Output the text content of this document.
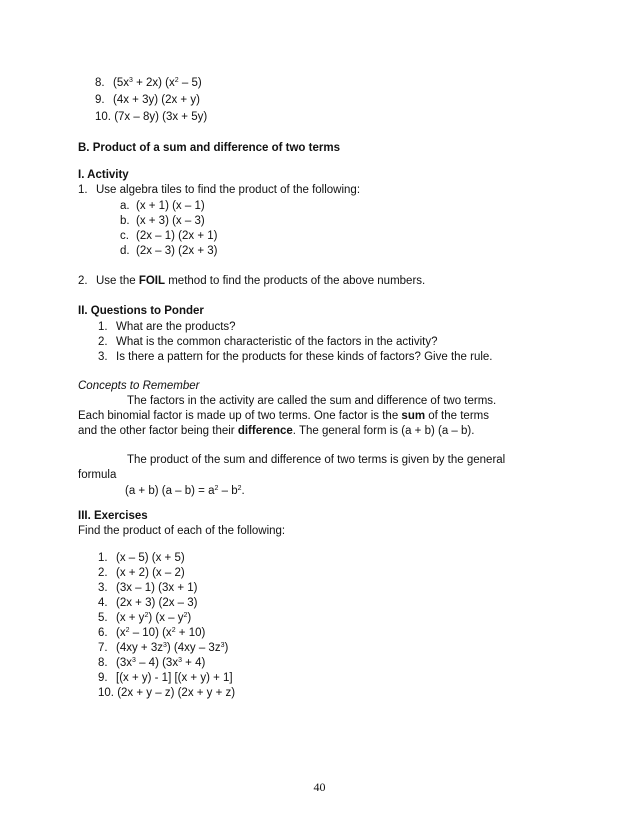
8. $(5x^3 + 2x)$ $(x^2 - 5)$
9. (4x + 3y) (2x + y)
10. (7x – 8y) (3x + 5y)
B. Product of a sum and difference of two terms
I. Activity
1. Use algebra tiles to find the product of the following:
a. (x + 1) (x – 1)
b. (x + 3) (x – 3)
c. (2x – 1) (2x + 1)
d. (2x – 3) (2x + 3)
2. Use the FOIL method to find the products of the above numbers.
II. Questions to Ponder
1. What are the products?
2. What is the common characteristic of the factors in the activity?
3. Is there a pattern for the products for these kinds of factors? Give the rule.
Concepts to Remember
The factors in the activity are called the sum and difference of two terms.
Each binomial factor is made up of two terms. One factor is the sum of the terms
and the other factor being their difference. The general form is (a + b) (a – b).
The product of the sum and difference of two terms is given by the general
formula
(a + b) $(a - b) = a^2 - b^2$.
III. Exercises
Find the product of each of the following:
1. (x – 5) (x + 5)
2. (x + 2) (x – 2)
3. (3x – 1) (3x + 1)
4. (2x + 3) (2x – 3)
5. $(x + y^2)$ $(x - y^2)$
6. $(x^2 - 10) (x^2 + 10)$
7. $(4xy + 3z^3)$ $(4xy - 3z^3)$
8. $(3x^3 - 4) (3x^3 + 4)$
9. [(x + y) - 1] [(x + y) + 1]
10. (2x + y – z) (2x + y + z)
40
